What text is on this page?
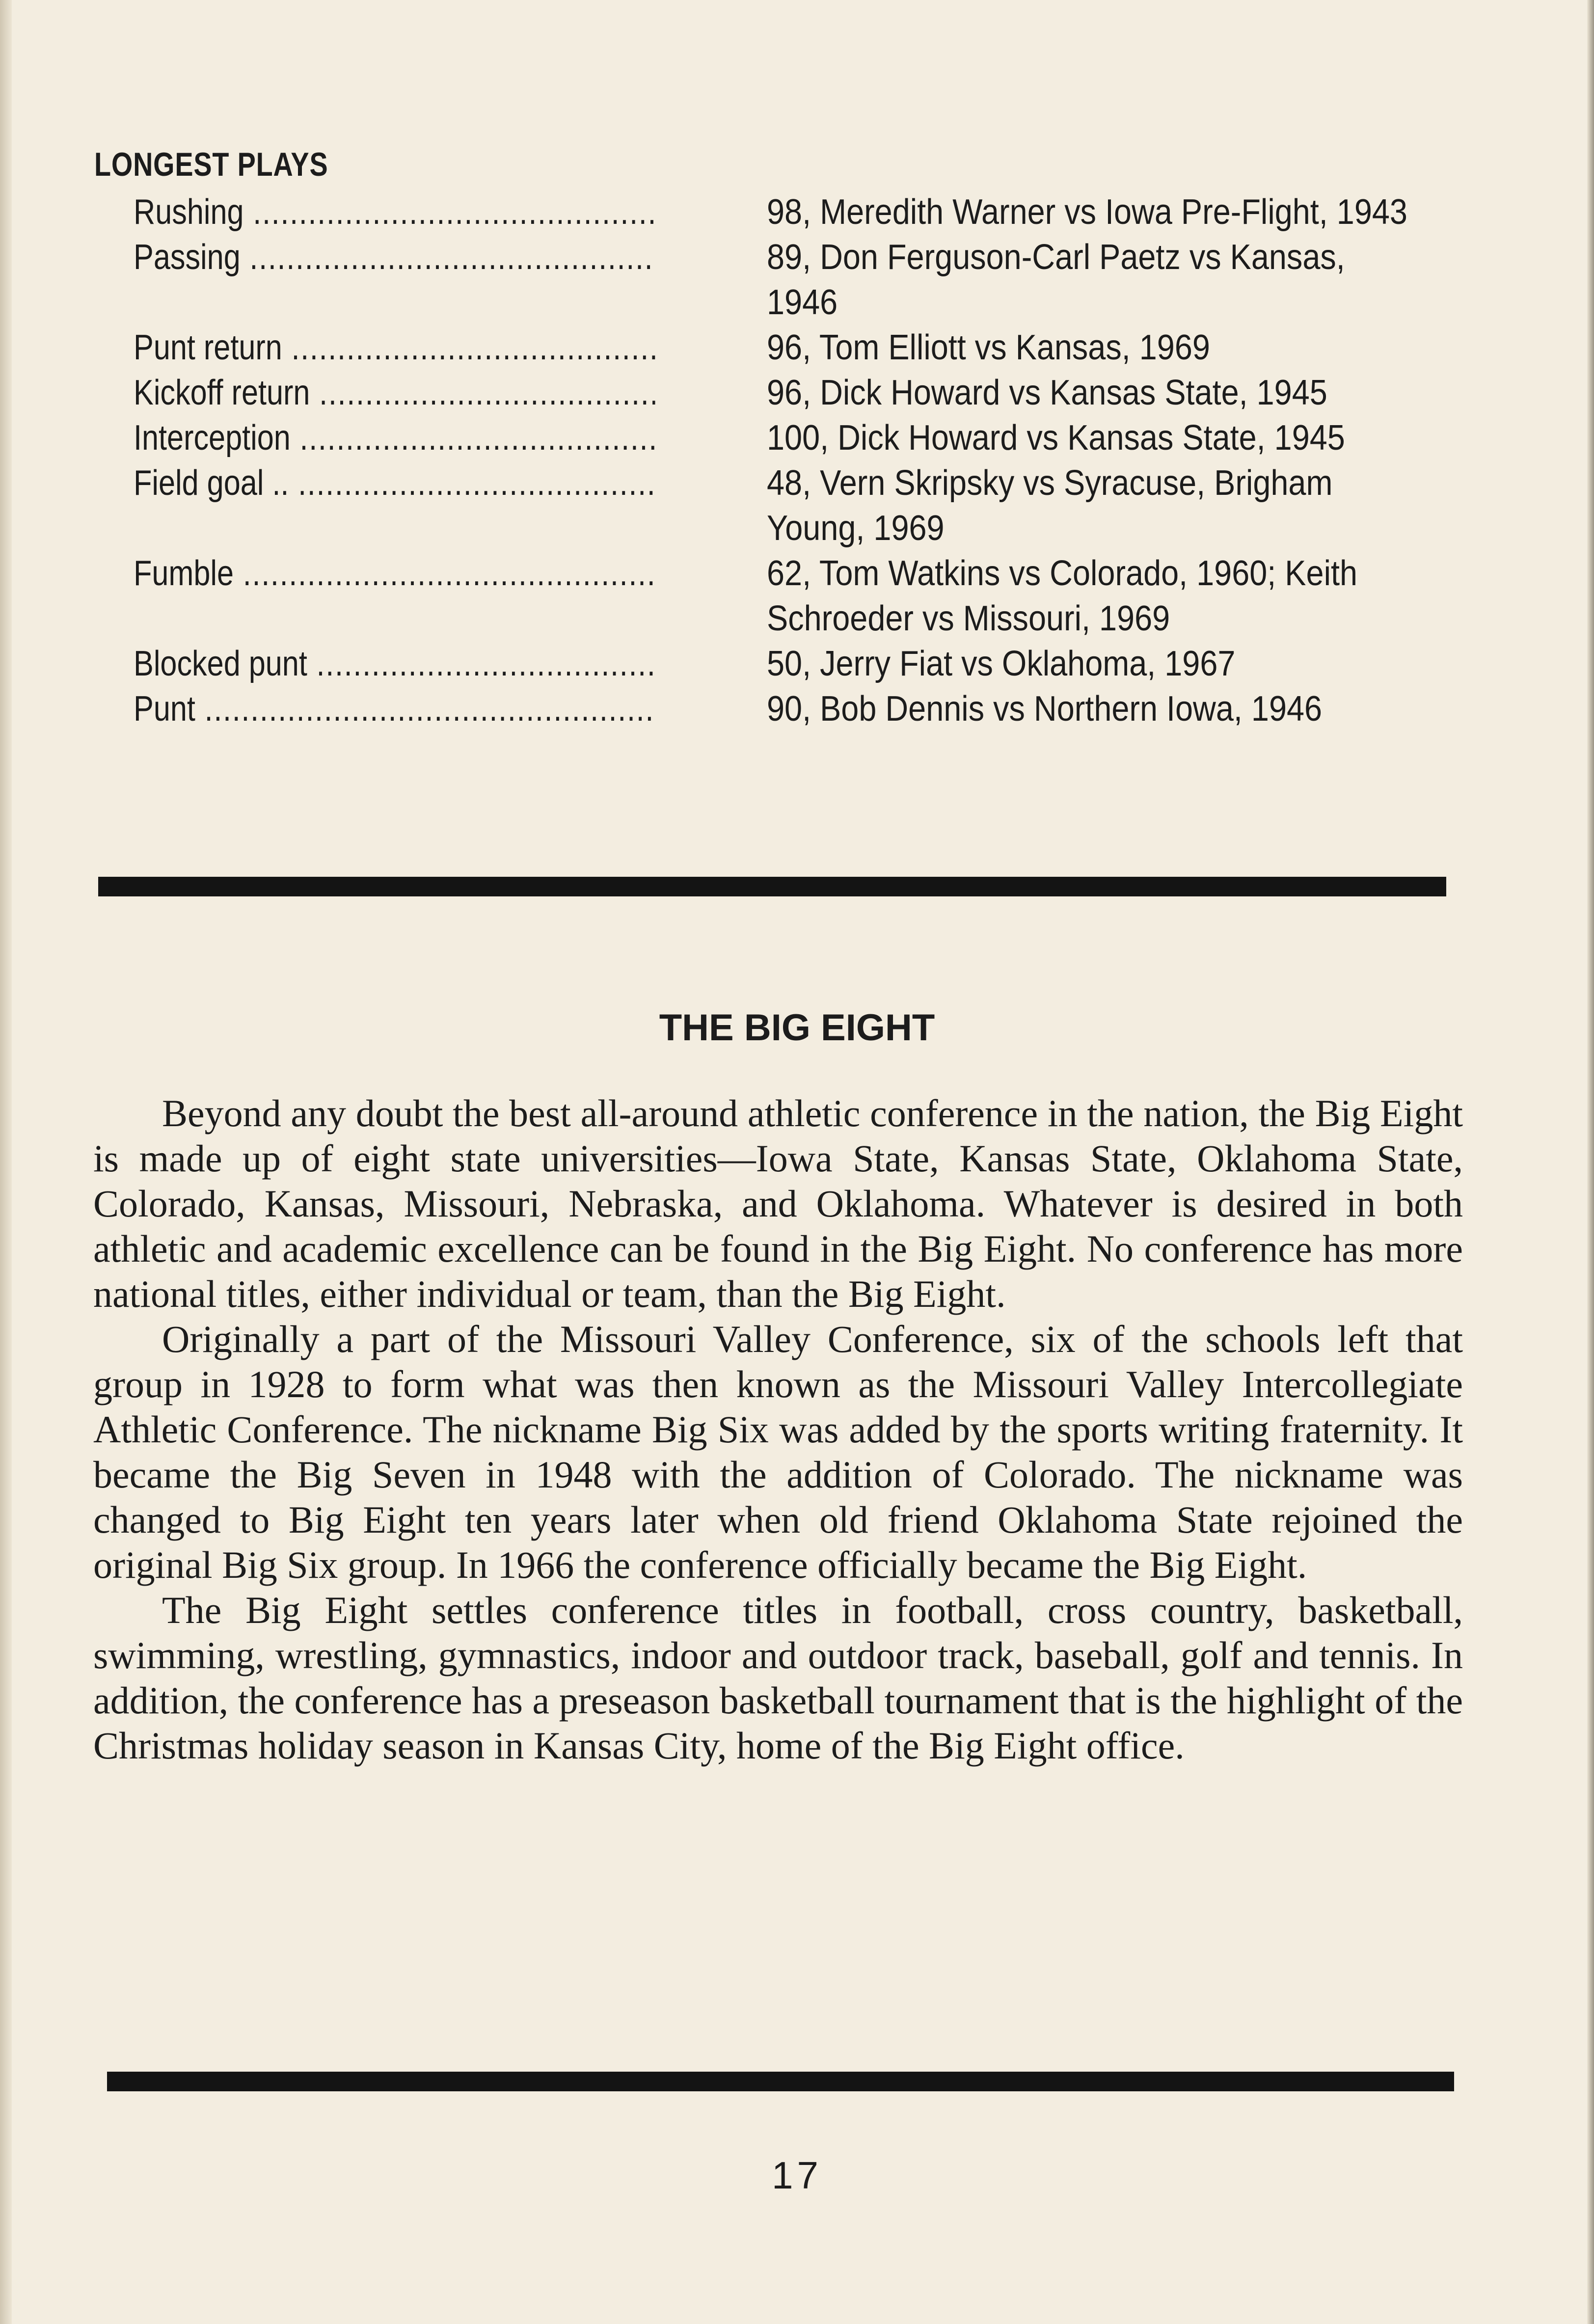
LONGEST PLAYS
Rushing .....	98, Meredith Warner vs Iowa Pre-Flight, 1943
Passing .....	89, Don Ferguson-Carl Paetz vs Kansas, 1946
Punt return .....	96, Tom Elliott vs Kansas, 1969
Kickoff return .....	96, Dick Howard vs Kansas State, 1945
Interception .....	100, Dick Howard vs Kansas State, 1945
Field goal .. .....	48, Vern Skripsky vs Syracuse, Brigham Young, 1969
Fumble .....	62, Tom Watkins vs Colorado, 1960; Keith Schroeder vs Missouri, 1969
Blocked punt .....	50, Jerry Fiat vs Oklahoma, 1967
Punt .....	90, Bob Dennis vs Northern Iowa, 1946
THE BIG EIGHT

Beyond any doubt the best all-around athletic conference in the nation, the Big Eight is made up of eight state universities—Iowa State, Kansas State, Oklahoma State, Colorado, Kansas, Missouri, Nebraska, and Oklahoma. Whatever is desired in both athletic and academic excellence can be found in the Big Eight. No conference has more national titles, either individual or team, than the Big Eight.

Originally a part of the Missouri Valley Conference, six of the schools left that group in 1928 to form what was then known as the Missouri Valley Intercollegiate Athletic Conference. The nickname Big Six was added by the sports writing fraternity. It became the Big Seven in 1948 with the addition of Colorado. The nickname was changed to Big Eight ten years later when old friend Oklahoma State rejoined the original Big Six group. In 1966 the conference officially became the Big Eight.

The Big Eight settles conference titles in football, cross country, basketball, swimming, wrestling, gymnastics, indoor and outdoor track, baseball, golf and tennis. In addition, the conference has a preseason basketball tournament that is the highlight of the Christmas holiday season in Kansas City, home of the Big Eight office.

17
